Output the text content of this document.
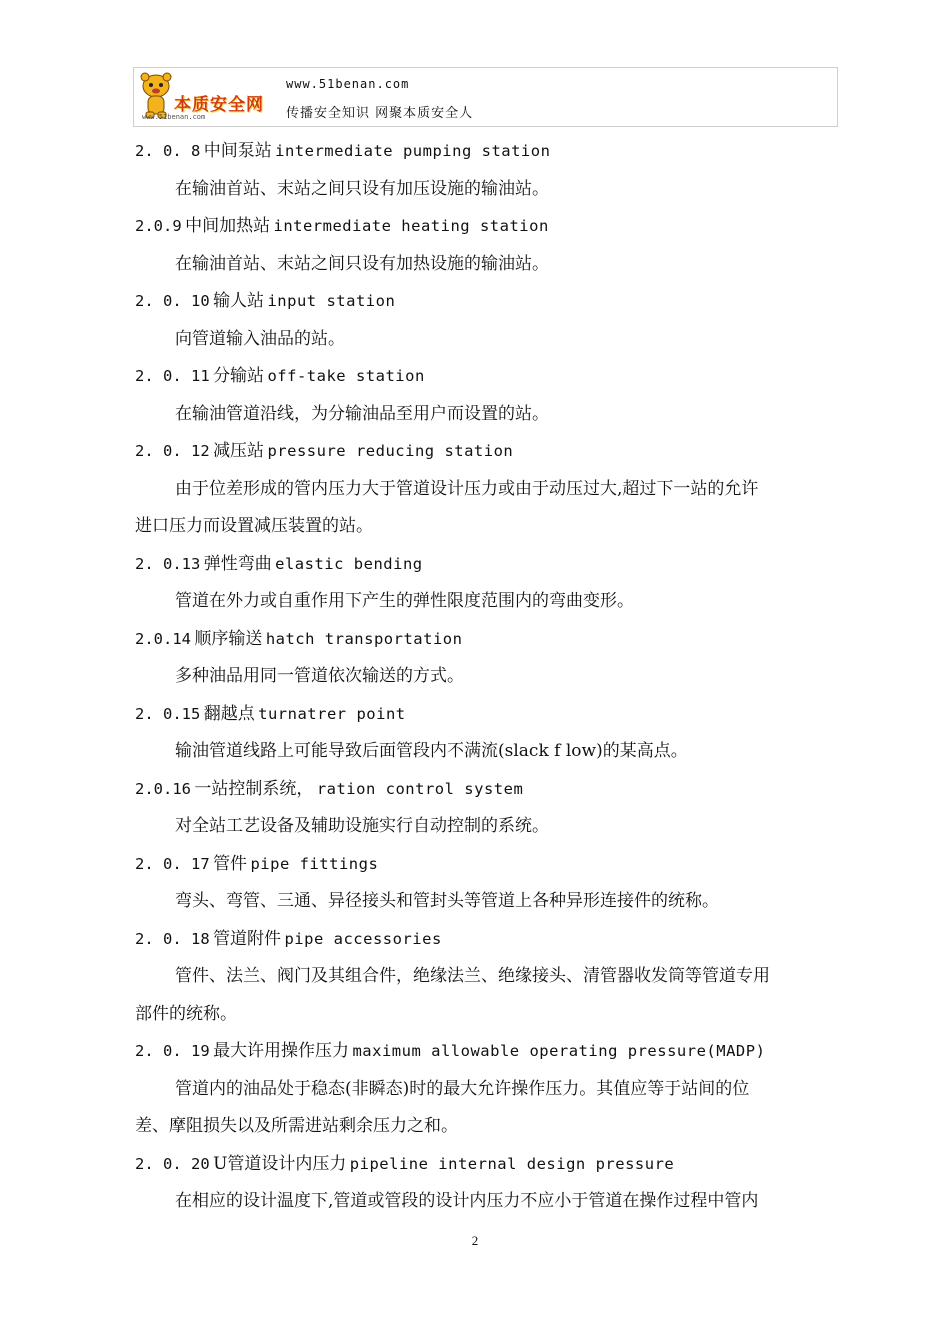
本质安全网
www.51benan.com
www.51benan.com
传播安全知识 网聚本质安全人
2. 0. 8  中间泵站  intermediate pumping station
在输油首站、末站之间只设有加压设施的输油站。
2.0.9  中间加热站  intermediate heating station
在输油首站、末站之间只设有加热设施的输油站。
2. 0. 10  输人站  input station
向管道输入油品的站。
2. 0. 11  分输站  off-take station
在输油管道沿线，为分输油品至用户而设置的站。
2. 0. 12  减压站  pressure reducing station
由于位差形成的管内压力大于管道设计压力或由于动压过大,超过下一站的允许
进口压力而设置减压装置的站。
2. 0.13  弹性弯曲  elastic bending
管道在外力或自重作用下产生的弹性限度范围内的弯曲变形。
2.0.14  顺序输送  hatch transportation
多种油品用同一管道依次输送的方式。
2. 0.15  翻越点  turnatrer point
输油管道线路上可能导致后面管段内不满流(slack f low)的某高点。
2.0.16  一站控制系统，  ration control system
对全站工艺设备及辅助设施实行自动控制的系统。
2. 0. 17  管件  pipe fittings
弯头、弯管、三通、异径接头和管封头等管道上各种异形连接件的统称。
2. 0. 18  管道附件  pipe accessories
管件、法兰、阀门及其组合件，绝缘法兰、绝缘接头、清管器收发筒等管道专用
部件的统称。
2. 0. 19  最大许用操作压力  maximum allowable operating pressure(MADP)
管道内的油品处于稳态(非瞬态)时的最大允许操作压力。其值应等于站间的位
差、摩阻损失以及所需进站剩余压力之和。
2. 0. 20  U管道设计内压力  pipeline internal design pressure
在相应的设计温度下,管道或管段的设计内压力不应小于管道在操作过程中管内
2
